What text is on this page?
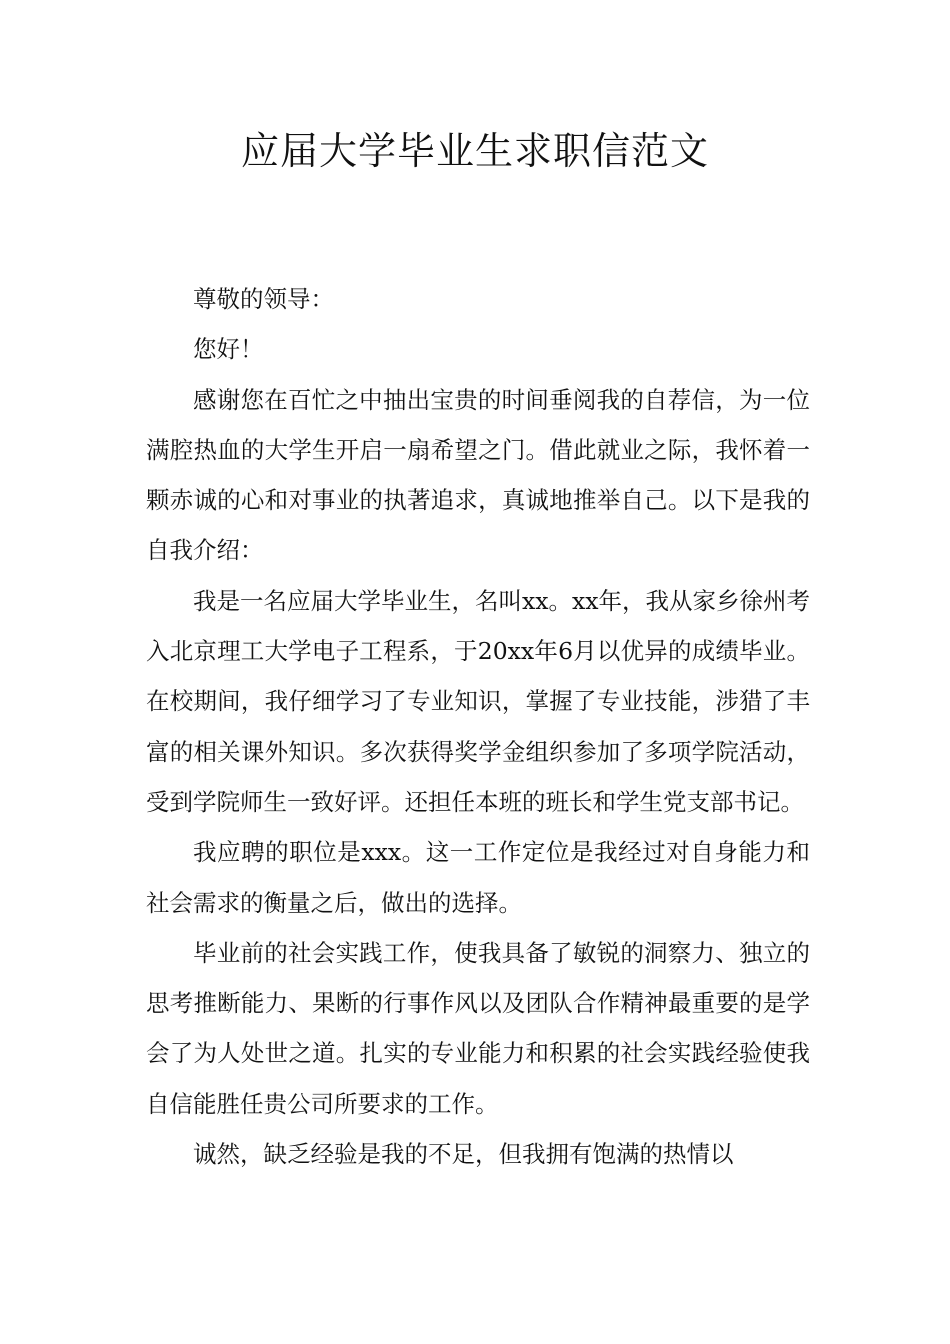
应届大学毕业生求职信范文

尊敬的领导：

您好！

感谢您在百忙之中抽出宝贵的时间垂阅我的自荐信，为一位满腔热血的大学生开启一扇希望之门。借此就业之际，我怀着一颗赤诚的心和对事业的执著追求，真诚地推举自己。以下是我的自我介绍：

我是一名应届大学毕业生，名叫xx。xx年，我从家乡徐州考入北京理工大学电子工程系，于20xx年6月以优异的成绩毕业。在校期间，我仔细学习了专业知识，掌握了专业技能，涉猎了丰富的相关课外知识。多次获得奖学金组织参加了多项学院活动，受到学院师生一致好评。还担任本班的班长和学生党支部书记。

我应聘的职位是xxx。这一工作定位是我经过对自身能力和社会需求的衡量之后，做出的选择。

毕业前的社会实践工作，使我具备了敏锐的洞察力、独立的思考推断能力、果断的行事作风以及团队合作精神最重要的是学会了为人处世之道。扎实的专业能力和积累的社会实践经验使我自信能胜任贵公司所要求的工作。

诚然，缺乏经验是我的不足，但我拥有饱满的热情以
